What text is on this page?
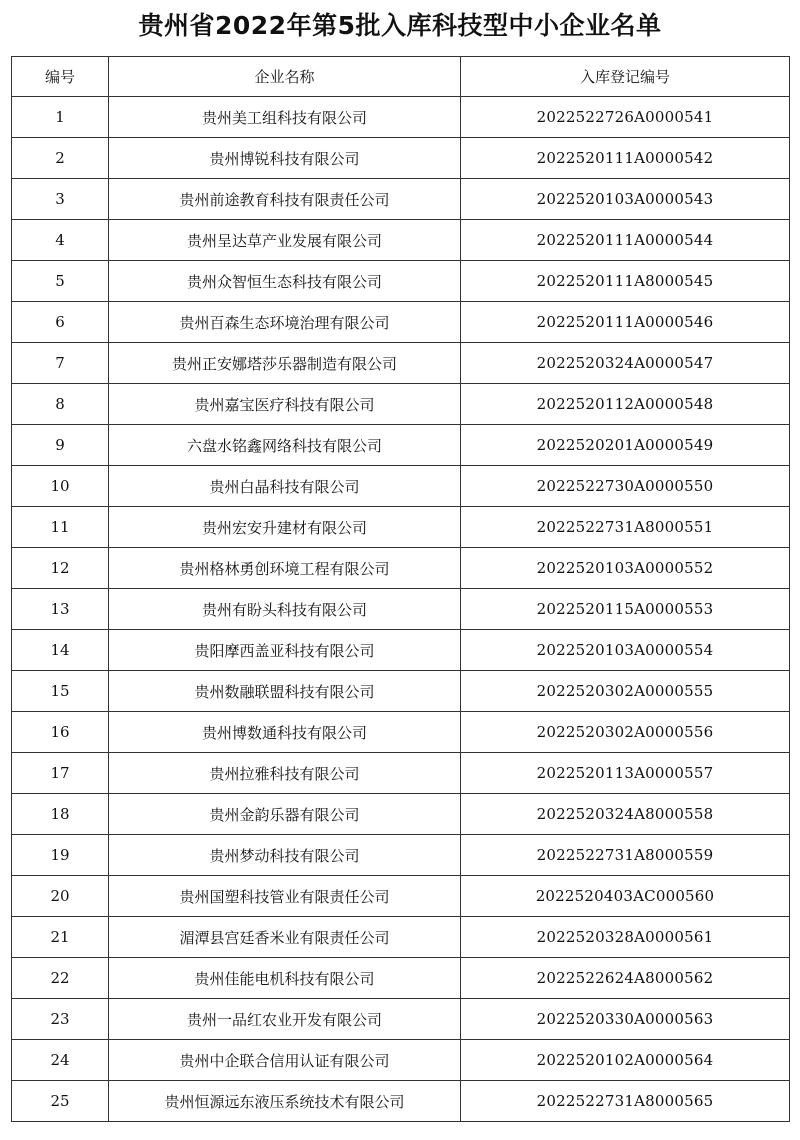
贵州省2022年第5批入库科技型中小企业名单
编号	企业名称	入库登记编号
1	贵州美工组科技有限公司	2022522726A0000541
2	贵州博锐科技有限公司	2022520111A0000542
3	贵州前途教育科技有限责任公司	2022520103A0000543
4	贵州呈达草产业发展有限公司	2022520111A0000544
5	贵州众智恒生态科技有限公司	2022520111A8000545
6	贵州百森生态环境治理有限公司	2022520111A0000546
7	贵州正安娜塔莎乐器制造有限公司	2022520324A0000547
8	贵州嘉宝医疗科技有限公司	2022520112A0000548
9	六盘水铭鑫网络科技有限公司	2022520201A0000549
10	贵州白晶科技有限公司	2022522730A0000550
11	贵州宏安升建材有限公司	2022522731A8000551
12	贵州格林勇创环境工程有限公司	2022520103A0000552
13	贵州有盼头科技有限公司	2022520115A0000553
14	贵阳摩西盖亚科技有限公司	2022520103A0000554
15	贵州数融联盟科技有限公司	2022520302A0000555
16	贵州博数通科技有限公司	2022520302A0000556
17	贵州拉雅科技有限公司	2022520113A0000557
18	贵州金韵乐器有限公司	2022520324A8000558
19	贵州梦动科技有限公司	2022522731A8000559
20	贵州国塑科技管业有限责任公司	2022520403AC000560
21	湄潭县宫廷香米业有限责任公司	2022520328A0000561
22	贵州佳能电机科技有限公司	2022522624A8000562
23	贵州一品红农业开发有限公司	2022520330A0000563
24	贵州中企联合信用认证有限公司	2022520102A0000564
25	贵州恒源远东液压系统技术有限公司	2022522731A8000565
